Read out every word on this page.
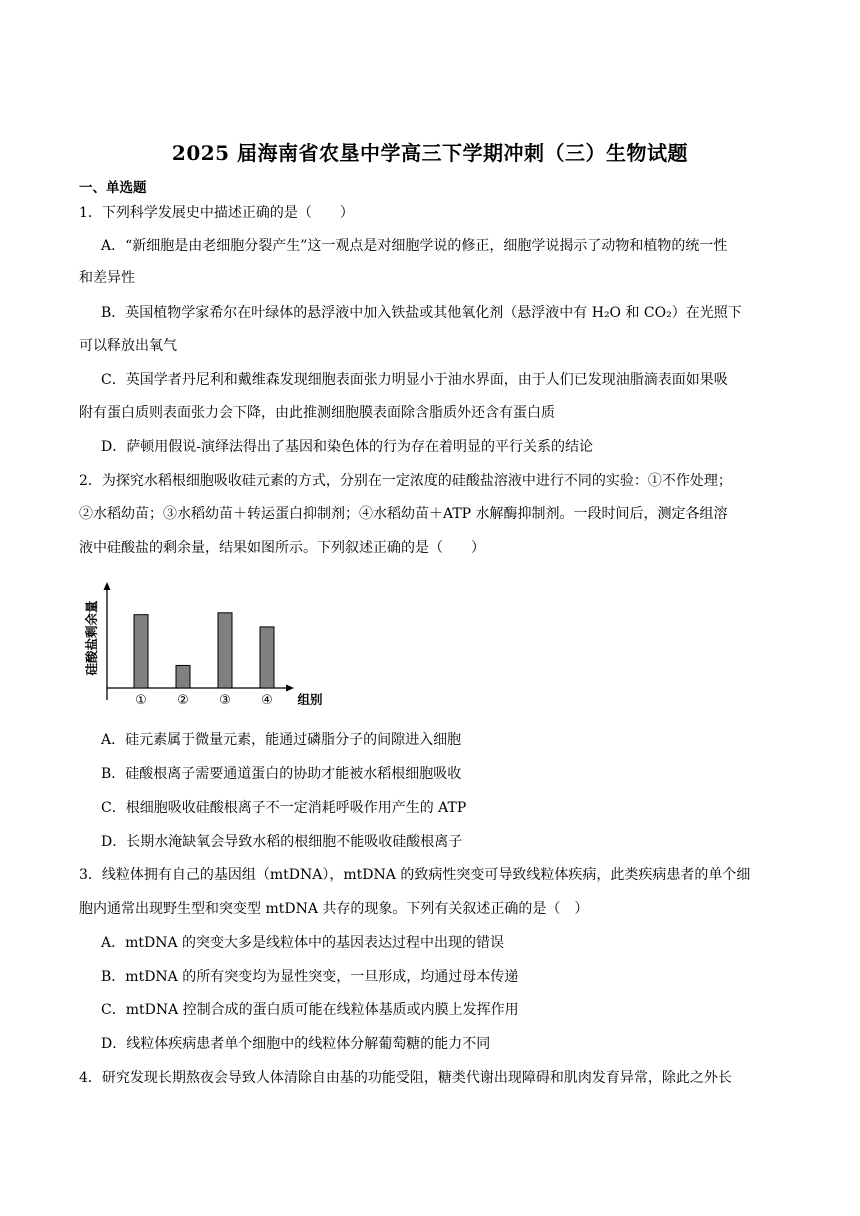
2025 届海南省农垦中学高三下学期冲刺（三）生物试题
一、单选题
1．下列科学发展史中描述正确的是（　　）
A．“新细胞是由老细胞分裂产生”这一观点是对细胞学说的修正，细胞学说揭示了动物和植物的统一性
和差异性
B．英国植物学家希尔在叶绿体的悬浮液中加入铁盐或其他氧化剂（悬浮液中有 H₂O 和 CO₂）在光照下
可以释放出氧气
C．英国学者丹尼利和戴维森发现细胞表面张力明显小于油水界面，由于人们已发现油脂滴表面如果吸
附有蛋白质则表面张力会下降，由此推测细胞膜表面除含脂质外还含有蛋白质
D．萨顿用假说-演绎法得出了基因和染色体的行为存在着明显的平行关系的结论
2．为探究水稻根细胞吸收硅元素的方式，分别在一定浓度的硅酸盐溶液中进行不同的实验：①不作处理；
②水稻幼苗；③水稻幼苗＋转运蛋白抑制剂；④水稻幼苗＋ATP 水解酶抑制剂。一段时间后，测定各组溶
液中硅酸盐的剩余量，结果如图所示。下列叙述正确的是（　　）
硅酸盐剩余量
组别
① ② ③ ④
A．硅元素属于微量元素，能通过磷脂分子的间隙进入细胞
B．硅酸根离子需要通道蛋白的协助才能被水稻根细胞吸收
C．根细胞吸收硅酸根离子不一定消耗呼吸作用产生的 ATP
D．长期水淹缺氧会导致水稻的根细胞不能吸收硅酸根离子
3．线粒体拥有自己的基因组（mtDNA），mtDNA 的致病性突变可导致线粒体疾病，此类疾病患者的单个细
胞内通常出现野生型和突变型 mtDNA 共存的现象。下列有关叙述正确的是（　）
A．mtDNA 的突变大多是线粒体中的基因表达过程中出现的错误
B．mtDNA 的所有突变均为显性突变，一旦形成，均通过母本传递
C．mtDNA 控制合成的蛋白质可能在线粒体基质或内膜上发挥作用
D．线粒体疾病患者单个细胞中的线粒体分解葡萄糖的能力不同
4．研究发现长期熬夜会导致人体清除自由基的功能受阻，糖类代谢出现障碍和肌肉发育异常，除此之外长
